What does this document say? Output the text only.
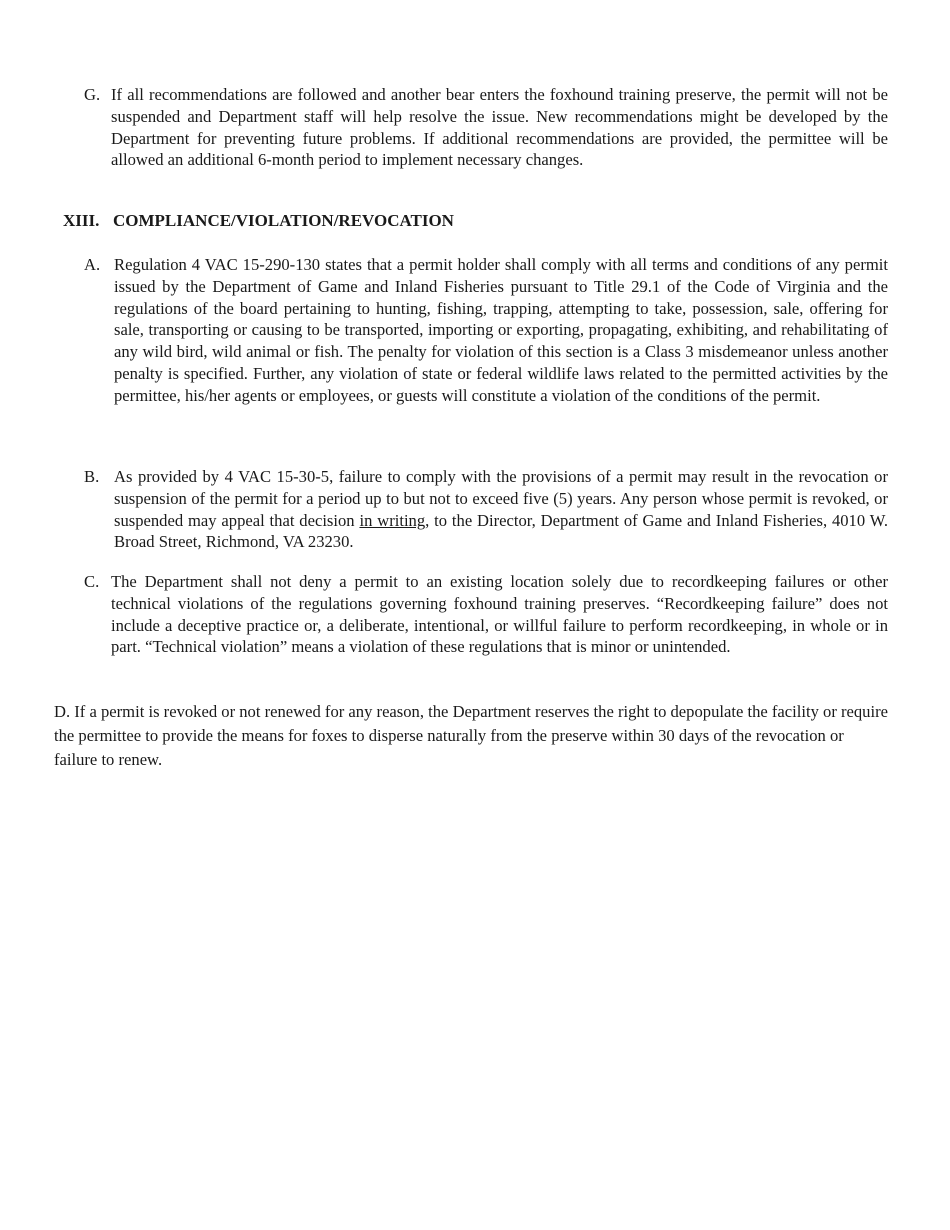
G. If all recommendations are followed and another bear enters the foxhound training preserve, the permit will not be suspended and Department staff will help resolve the issue. New recommendations might be developed by the Department for preventing future problems. If additional recommendations are provided, the permittee will be allowed an additional 6-month period to implement necessary changes.
XIII. COMPLIANCE/VIOLATION/REVOCATION
A. Regulation 4 VAC 15-290-130 states that a permit holder shall comply with all terms and conditions of any permit issued by the Department of Game and Inland Fisheries pursuant to Title 29.1 of the Code of Virginia and the regulations of the board pertaining to hunting, fishing, trapping, attempting to take, possession, sale, offering for sale, transporting or causing to be transported, importing or exporting, propagating, exhibiting, and rehabilitating of any wild bird, wild animal or fish. The penalty for violation of this section is a Class 3 misdemeanor unless another penalty is specified. Further, any violation of state or federal wildlife laws related to the permitted activities by the permittee, his/her agents or employees, or guests will constitute a violation of the conditions of the permit.
B. As provided by 4 VAC 15-30-5, failure to comply with the provisions of a permit may result in the revocation or suspension of the permit for a period up to but not to exceed five (5) years. Any person whose permit is revoked, or suspended may appeal that decision in writing, to the Director, Department of Game and Inland Fisheries, 4010 W. Broad Street, Richmond, VA 23230.
C. The Department shall not deny a permit to an existing location solely due to recordkeeping failures or other technical violations of the regulations governing foxhound training preserves. “Recordkeeping failure” does not include a deceptive practice or, a deliberate, intentional, or willful failure to perform recordkeeping, in whole or in part. “Technical violation” means a violation of these regulations that is minor or unintended.
D. If a permit is revoked or not renewed for any reason, the Department reserves the right to depopulate the facility or require the permittee to provide the means for foxes to disperse naturally from the preserve within 30 days of the revocation or failure to renew.
